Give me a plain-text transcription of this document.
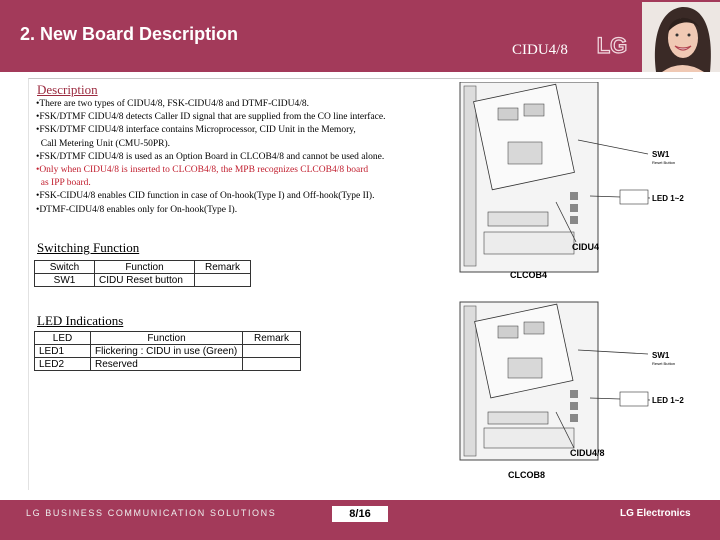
2. New Board Description
CIDU4/8 LG
Description
•There are two types of CIDU4/8, FSK-CIDU4/8 and DTMF-CIDU4/8.
•FSK/DTMF CIDU4/8 detects Caller ID signal that are supplied from the CO line interface.
•FSK/DTMF CIDU4/8 interface contains Microprocessor, CID Unit in the Memory,
Call Metering Unit (CMU-50PR).
•FSK/DTMF CIDU4/8 is used as an Option Board in CLCOB4/8 and cannot be used alone.
•Only when CIDU4/8 is inserted to CLCOB4/8, the MPB recognizes CLCOB4/8 board
as IPP board.
•FSK-CIDU4/8 enables CID function in case of On-hook(Type I) and Off-hook(Type II).
•DTMF-CIDU4/8 enables only for On-hook(Type I).
Switching Function
Switch	Function	Remark
SW1	CIDU Reset button	
LED Indications
LED	Function	Remark
LED1	Flickering : CIDU in use (Green)	
LED2	Reserved	
SW1
Reset Button
LED 1~2
CIDU4
CLCOB4
SW1
Reset Button
LED 1~2
CIDU4/8
CLCOB8
LG BUSINESS COMMUNICATION SOLUTIONS	8/16	LG Electronics
